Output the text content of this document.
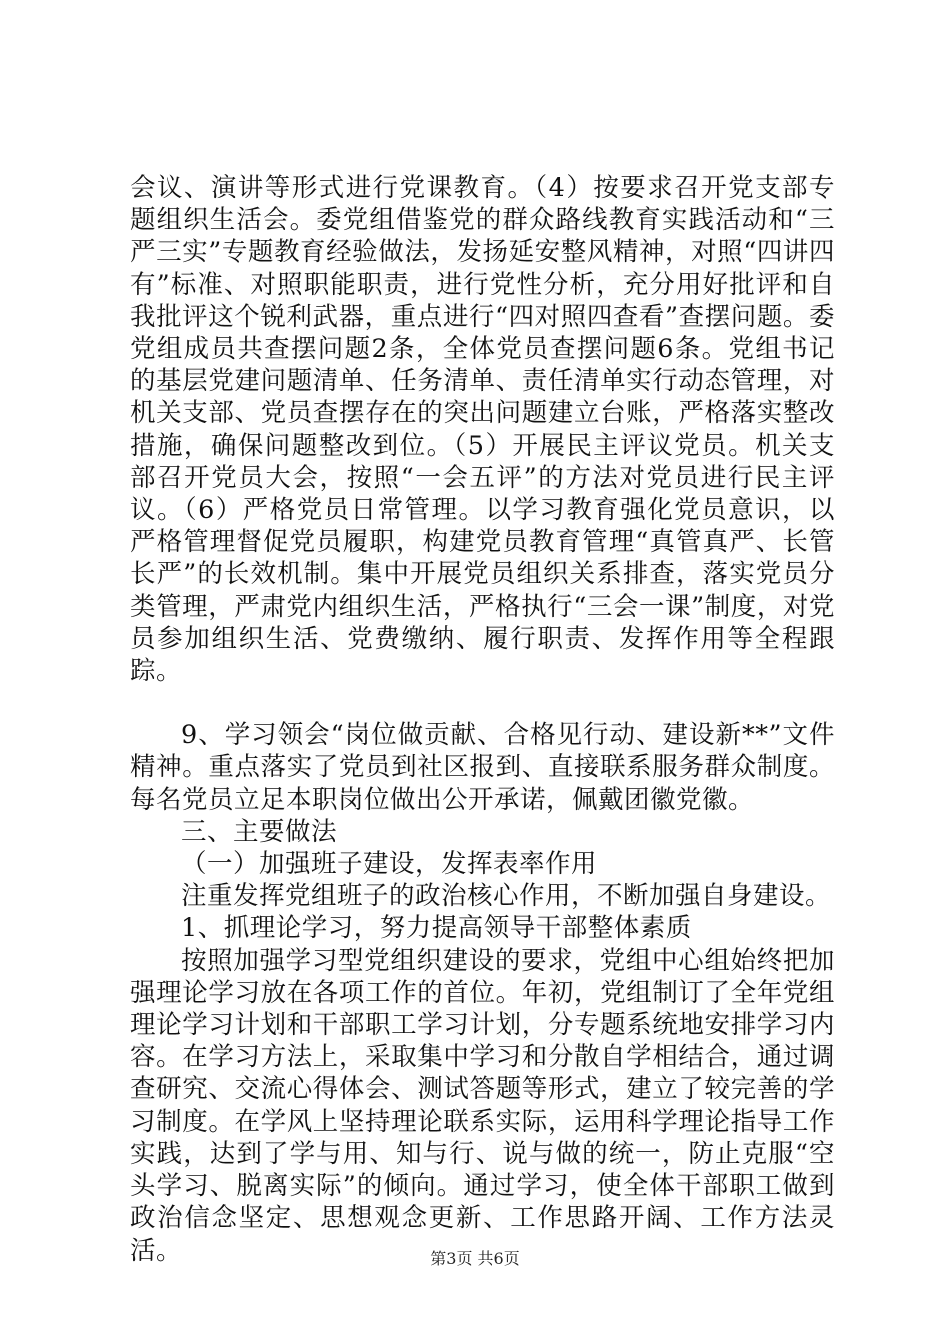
会议、演讲等形式进行党课教育。（4）按要求召开党支部专题组织生活会。委党组借鉴党的群众路线教育实践活动和“三严三实”专题教育经验做法，发扬延安整风精神，对照“四讲四有”标准、对照职能职责，进行党性分析，充分用好批评和自我批评这个锐利武器，重点进行“四对照四查看”查摆问题。委党组成员共查摆问题2条，全体党员查摆问题6条。党组书记的基层党建问题清单、任务清单、责任清单实行动态管理，对机关支部、党员查摆存在的突出问题建立台账，严格落实整改措施，确保问题整改到位。（5）开展民主评议党员。机关支部召开党员大会，按照“一会五评”的方法对党员进行民主评议。（6）严格党员日常管理。以学习教育强化党员意识，以严格管理督促党员履职，构建党员教育管理“真管真严、长管长严”的长效机制。集中开展党员组织关系排查，落实党员分类管理，严肃党内组织生活，严格执行“三会一课”制度，对党员参加组织生活、党费缴纳、履行职责、发挥作用等全程跟踪。

9、学习领会“岗位做贡献、合格见行动、建设新**”文件精神。重点落实了党员到社区报到、直接联系服务群众制度。每名党员立足本职岗位做出公开承诺，佩戴团徽党徽。

三、主要做法

（一）加强班子建设，发挥表率作用

注重发挥党组班子的政治核心作用，不断加强自身建设。

1、抓理论学习，努力提高领导干部整体素质

按照加强学习型党组织建设的要求，党组中心组始终把加强理论学习放在各项工作的首位。年初，党组制订了全年党组理论学习计划和干部职工学习计划，分专题系统地安排学习内容。在学习方法上，采取集中学习和分散自学相结合，通过调查研究、交流心得体会、测试答题等形式，建立了较完善的学习制度。在学风上坚持理论联系实际，运用科学理论指导工作实践，达到了学与用、知与行、说与做的统一，防止克服“空头学习、脱离实际”的倾向。通过学习，使全体干部职工做到政治信念坚定、思想观念更新、工作思路开阔、工作方法灵活。	第3页 共6页
